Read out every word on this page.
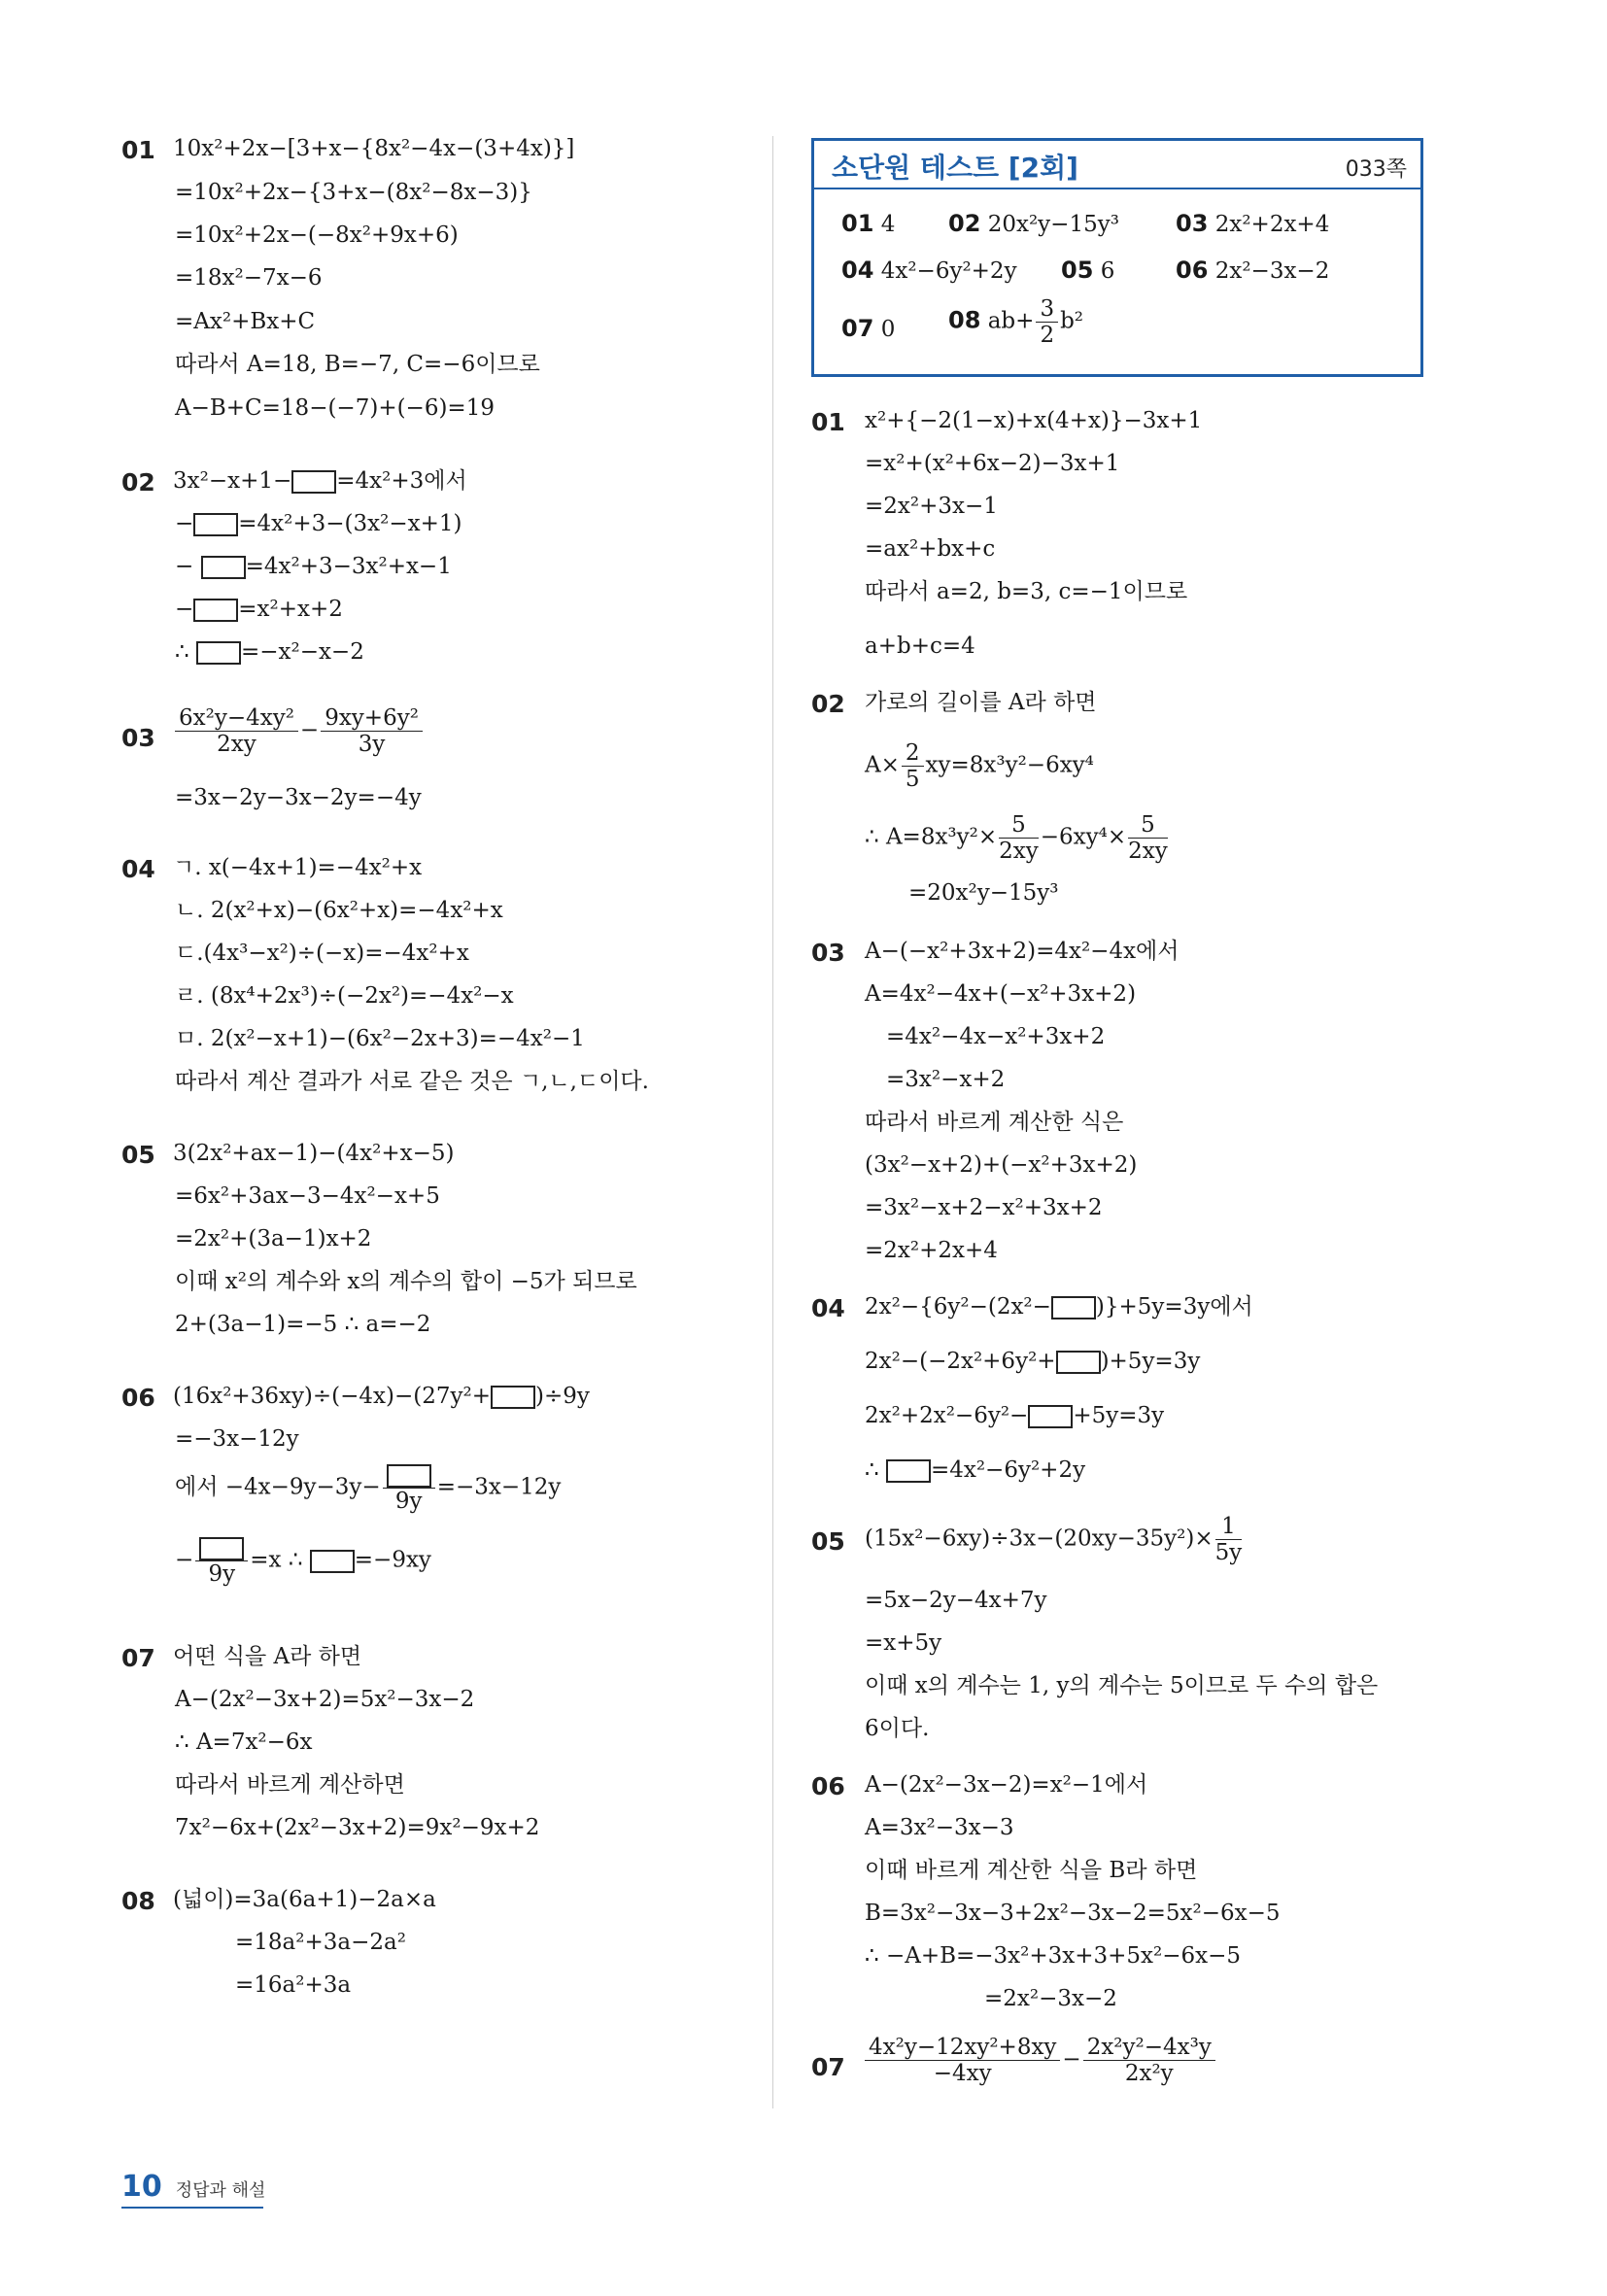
01 10x²+2x−[3+x−{8x²−4x−(3+4x)}]
=10x²+2x−{3+x−(8x²−8x−3)}
=10x²+2x−(−8x²+9x+6)
=18x²−7x−6
=Ax²+Bx+C
따라서 A=18, B=−7, C=−6이므로
A−B+C=18−(−7)+(−6)=19
02 3x²−x+1− =4x²+3에서
− =4x²+3−(3x²−x+1)
− =4x²+3−3x²+x−1
− =x²+x+2
∴ =−x²−x−2
$03 \frac{\text{6x²y−4xy²}}{2xy} - \frac{\text{9xy+6y²}}{3y}$
=3x−2y−3x−2y=−4y
04 ㄱ. x(−4x+1)=−4x²+x
ㄴ. 2(x²+x)−(6x²+x)=−4x²+x
ㄷ.(4x³−x²)÷(−x)=−4x²+x
ㄹ. (8x⁴+2x³)÷(−2x²)=−4x²−x
ㅁ. 2(x²−x+1)−(6x²−2x+3)=−4x²−1
따라서 계산 결과가 서로 같은 것은 ㄱ,ㄴ,ㄷ이다.
05 3(2x²+ax−1)−(4x²+x−5)
=6x²+3ax−3−4x²−x+5
=2x²+(3a−1)x+2
이때 x²의 계수와 x의 계수의 합이 −5가 되므로
2+(3a−1)=−5 ∴ a=−2
06 (16x²+36xy)÷(−4x)−(27y²+ )÷9y
=−3x−12y
에서 −4x−9y−3y−
9y
=−3x−12y
−
9y
=x ∴ =−9xy
07 어떤 식을 A라 하면
A−(2x²−3x+2)=5x²−3x−2
∴ A=7x²−6x
따라서 바르게 계산하면
7x²−6x+(2x²−3x+2)=9x²−9x+2
08 (넓이)=3a(6a+1)−2a×a
=18a²+3a−2a²
=16a²+3a
소단원 테스트 [2회]	033쪽
01 4 02 20x²y−15y³ 03 2x²+2x+4
04 4x²−6y²+2y 05 6	06 2x²−3x−2
07 0 08 $ab+ \frac{3}{2} b^2$
01 x²+{−2(1−x)+x(4+x)}−3x+1
=x²+(x²+6x−2)−3x+1
=2x²+3x−1
=ax²+bx+c
따라서 a=2, b=3, c=−1이므로
a+b+c=4
02 가로의 길이를 A라 하면
$A\times \frac{2}{5} xy=8x^3y^2-6xy^4$
∴ $A=8x^3y^2\times \frac{5}{2xy} -6xy^4\times \frac{5}{2xy}$
=20x²y−15y³
03 A−(−x²+3x+2)=4x²−4x에서
A=4x²−4x+(−x²+3x+2)
=4x²−4x−x²+3x+2
=3x²−x+2
따라서 바르게 계산한 식은
(3x²−x+2)+(−x²+3x+2)
=3x²−x+2−x²+3x+2
=2x²+2x+4
04 2x²−{6y²−(2x²− )}+5y=3y에서
2x²−(−2x²+6y²+ )+5y=3y
2x²+2x²−6y²− +5y=3y
∴ =4x²−6y²+2y
05 $(15x^2-6xy)\div 3x-(20xy-35y^2)\times \frac{1}{5y}$
=5x−2y−4x+7y
=x+5y
이때 x의 계수는 1, y의 계수는 5이므로 두 수의 합은
6이다.
06 A−(2x²−3x−2)=x²−1에서
A=3x²−3x−3
이때 바르게 계산한 식을 B라 하면
B=3x²−3x−3+2x²−3x−2=5x²−6x−5
∴ −A+B=−3x²+3x+3+5x²−6x−5
=2x²−3x−2
$07 \frac{\text{4x²y−12xy²+8xy}}{-4xy} - \frac{\text{2x²y²−4x³y}}{\text{2x²y}}$
10 정답과 해설
